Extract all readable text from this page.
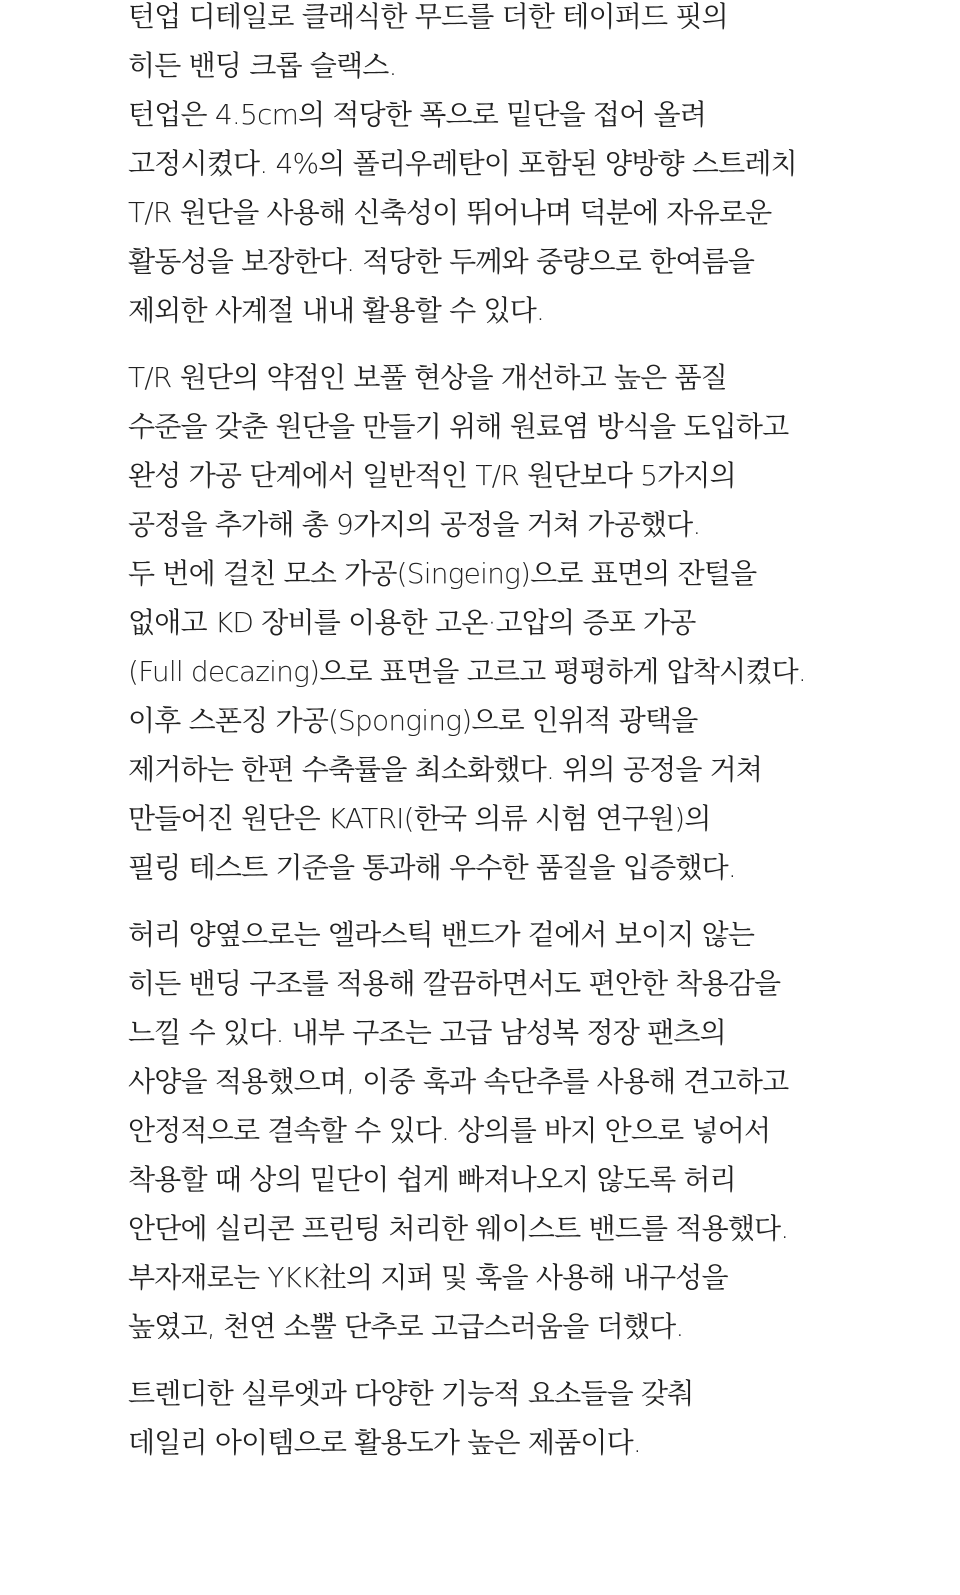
턴업 디테일로 클래식한 무드를 더한 테이퍼드 핏의
히든 밴딩 크롭 슬랙스.
턴업은 4.5cm의 적당한 폭으로 밑단을 접어 올려
고정시켰다. 4%의 폴리우레탄이 포함된 양방향 스트레치
T/R 원단을 사용해 신축성이 뛰어나며 덕분에 자유로운
활동성을 보장한다. 적당한 두께와 중량으로 한여름을
제외한 사계절 내내 활용할 수 있다.

T/R 원단의 약점인 보풀 현상을 개선하고 높은 품질
수준을 갖춘 원단을 만들기 위해 원료염 방식을 도입하고
완성 가공 단계에서 일반적인 T/R 원단보다 5가지의
공정을 추가해 총 9가지의 공정을 거쳐 가공했다.
두 번에 걸친 모소 가공(Singeing)으로 표면의 잔털을
없애고 KD 장비를 이용한 고온·고압의 증포 가공
(Full decazing)으로 표면을 고르고 평평하게 압착시켰다.
이후 스폰징 가공(Sponging)으로 인위적 광택을
제거하는 한편 수축률을 최소화했다. 위의 공정을 거쳐
만들어진 원단은 KATRI(한국 의류 시험 연구원)의
필링 테스트 기준을 통과해 우수한 품질을 입증했다.

허리 양옆으로는 엘라스틱 밴드가 겉에서 보이지 않는
히든 밴딩 구조를 적용해 깔끔하면서도 편안한 착용감을
느낄 수 있다. 내부 구조는 고급 남성복 정장 팬츠의
사양을 적용했으며, 이중 훅과 속단추를 사용해 견고하고
안정적으로 결속할 수 있다. 상의를 바지 안으로 넣어서
착용할 때 상의 밑단이 쉽게 빠져나오지 않도록 허리
안단에 실리콘 프린팅 처리한 웨이스트 밴드를 적용했다.
부자재로는 YKK社의 지퍼 및 훅을 사용해 내구성을
높였고, 천연 소뿔 단추로 고급스러움을 더했다.

트렌디한 실루엣과 다양한 기능적 요소들을 갖춰
데일리 아이템으로 활용도가 높은 제품이다.
